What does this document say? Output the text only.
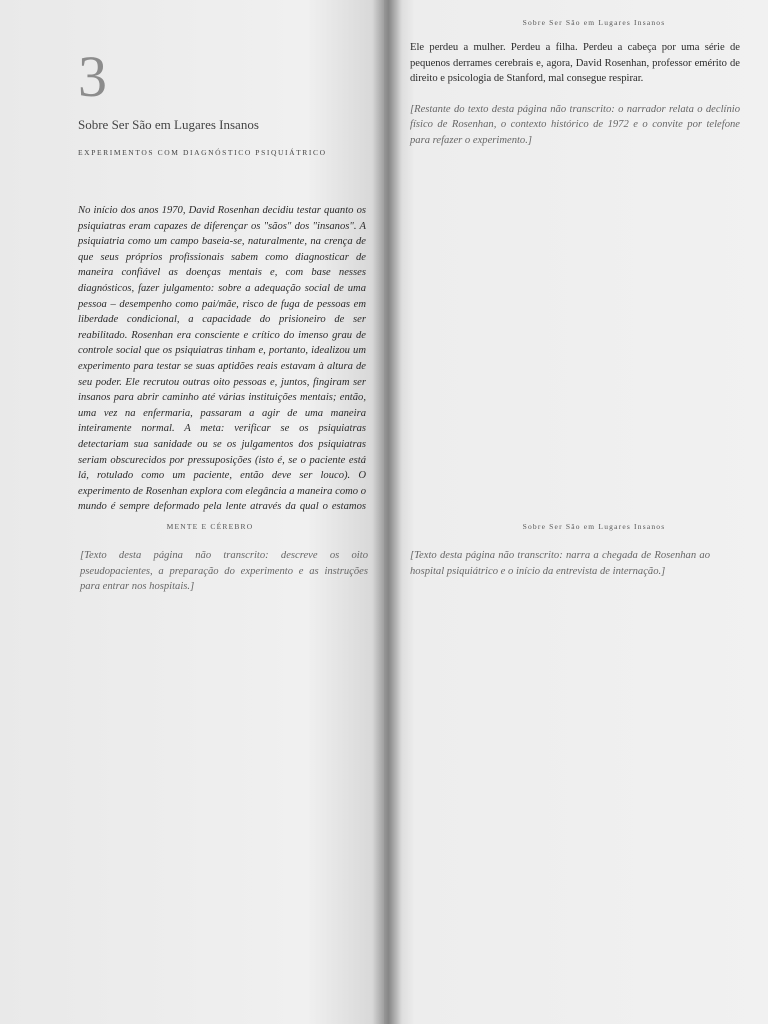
3
Sobre Ser São em Lugares Insanos
EXPERIMENTOS COM DIAGNÓSTICO PSIQUIÁTRICO

No início dos anos 1970, David Rosenhan decidiu testar quanto os psiquiatras eram capazes de diferençar os "sãos" dos "insanos". A psiquiatria como um campo baseia-se, naturalmente, na crença de que seus próprios profissionais sabem como diagnosticar de maneira confiável as doenças mentais e, com base nesses diagnósticos, fazer julgamento: sobre a adequação social de uma pessoa – desempenho como pai/mãe, risco de fuga de pessoas em liberdade condicional, a capacidade do prisioneiro de ser reabilitado. Rosenhan era consciente e crítico do imenso grau de controle social que os psiquiatras tinham e, portanto, idealizou um experimento para testar se suas aptidões reais estavam à altura de seu poder. Ele recrutou outras oito pessoas e, juntos, fingiram ser insanos para abrir caminho até várias instituições mentais; então, uma vez na enfermaria, passaram a agir de uma maneira inteiramente normal. A meta: verificar se os psiquiatras detectariam sua sanidade ou se os julgamentos dos psiquiatras seriam obscurecidos por pressuposições (isto é, se o paciente está lá, rotulado como um paciente, então deve ser louco). O experimento de Rosenhan explora com elegância a maneira como o mundo é sempre deformado pela lente através da qual o estamos

Sobre Ser São em Lugares Insanos

Ele perdeu a mulher. Perdeu a filha. Perdeu a cabeça por uma série de pequenos derrames cerebrais e, agora, David Rosenhan, professor emérito de direito e psicologia de Stanford, mal consegue respirar.

[Restante do texto desta página não transcrito: o narrador relata o declínio físico de Rosenhan, o contexto histórico de 1972 e o convite por telefone para refazer o experimento.]

MENTE E CÉREBRO

[Texto desta página não transcrito: descreve os oito pseudopacientes, a preparação do experimento e as instruções para entrar nos hospitais.]

Sobre Ser São em Lugares Insanos

[Texto desta página não transcrito: narra a chegada de Rosenhan ao hospital psiquiátrico e o início da entrevista de internação.]
